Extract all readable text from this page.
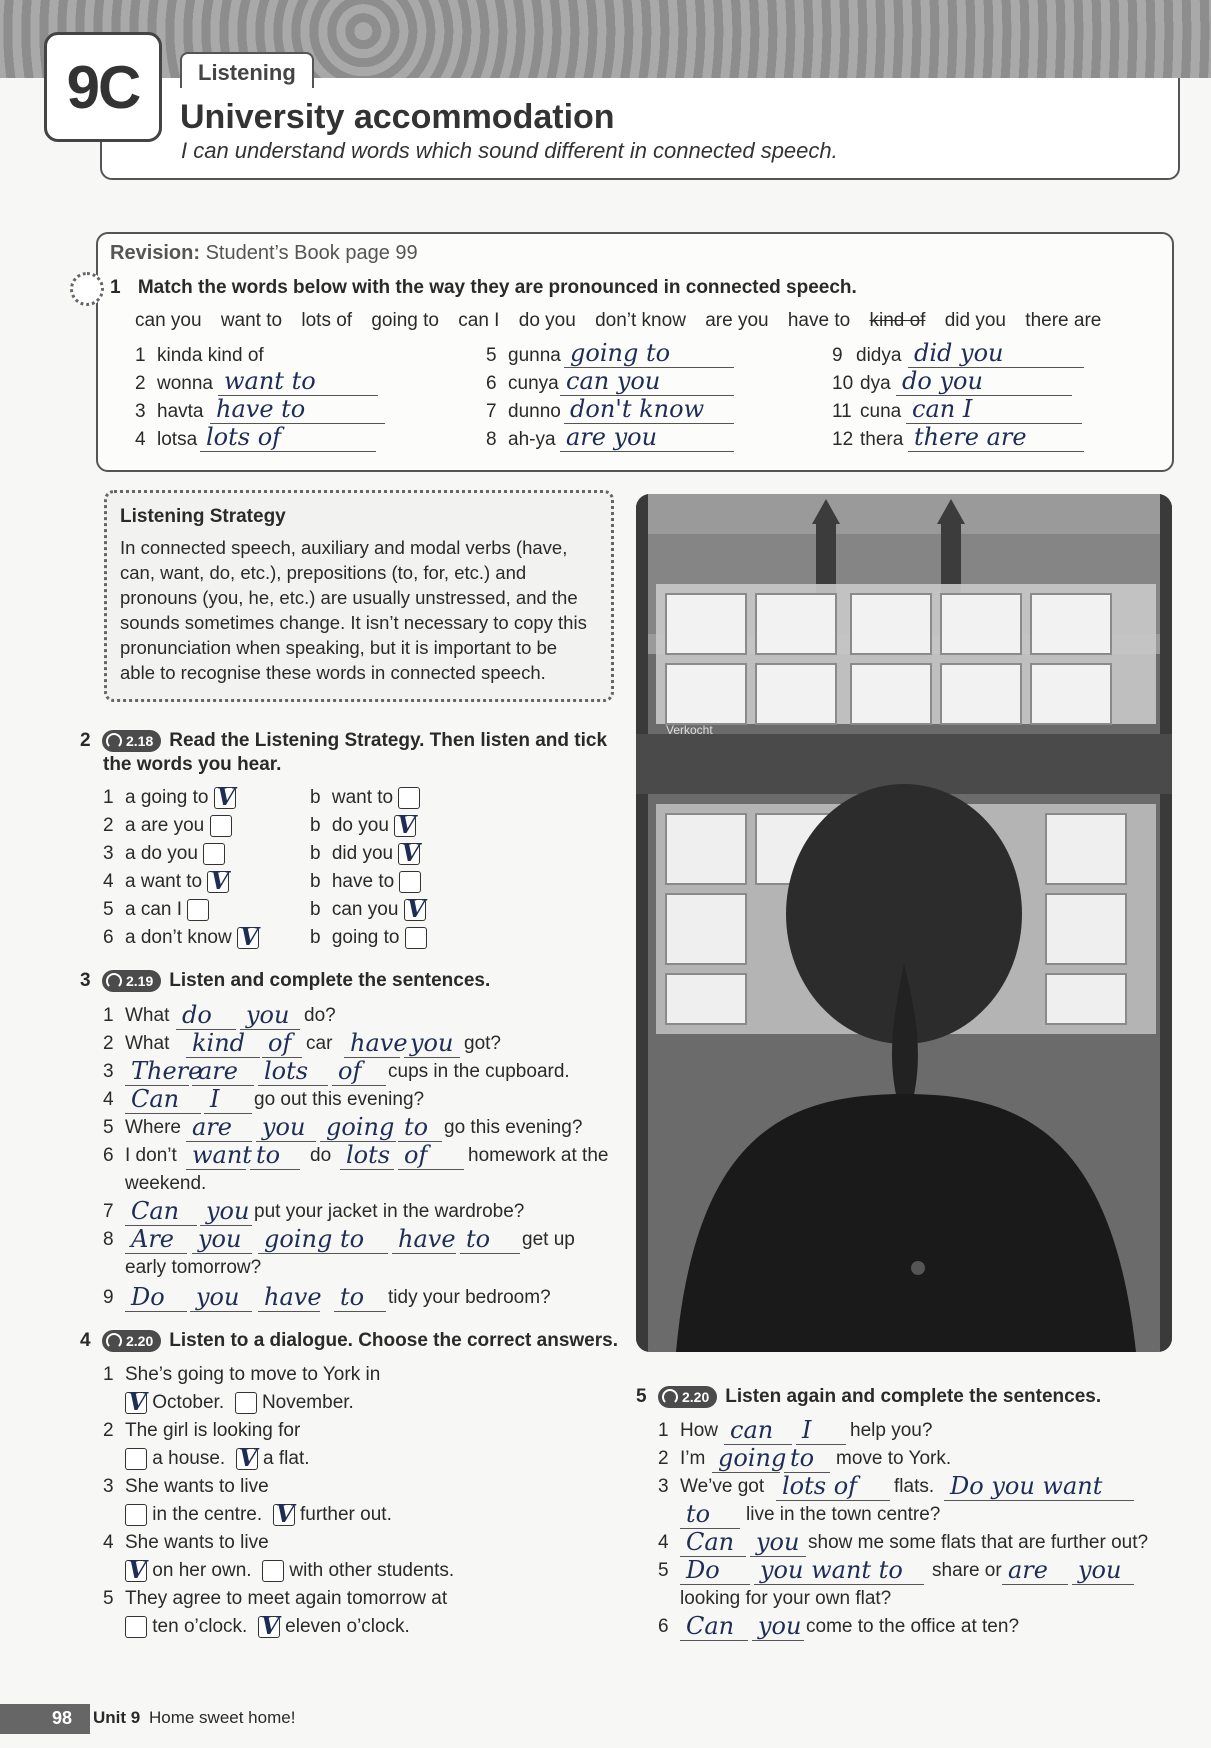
9C	Listening
University accommodation
I can understand words which sound different in connected speech.
Revision: Student’s Book page 99
1 Match the words below with the way they are pronounced in connected speech.
can you want to lots of going to can I do you don’t know are you have to kind of did you there are
1 kinda kind of
2 wonna want to
3 havta have to
4 lotsa lots of
5 gunna going to
6 cunya can you
7 dunno don't know
8 ah-ya are you
9 didya did you
10 dya do you
11 cuna can I
12 thera there are
Listening Strategy
In connected speech, auxiliary and modal verbs (have,
can, want, do, etc.), prepositions (to, for, etc.) and
pronouns (you, he, etc.) are usually unstressed, and the
sounds sometimes change. It isn’t necessary to copy this
pronunciation when speaking, but it is important to be
able to recognise these words in connected speech.
Verkocht
2	2.18 Read the Listening Strategy. Then listen and tick
the words you hear.
1 a going to V	b want to
2 a are you	b do you V
3 a do you	b did you V
4 a want to V	b have to
5 a can I	b can you V
6 a don’t know V	b going to
3	2.19 Listen and complete the sentences.
1 What do you do?
2 What kind of car have you got?
3 There
are lots of cups in the cupboard.
4 Can I go out this evening?
5 Where are you going to go this evening?
6 I don’t want to do lots of homework at the
weekend.
7 Can you put your jacket in the wardrobe?
8 Are you going to have to get up
early tomorrow?
9 Do you have to tidy your bedroom?
4	2.20 Listen to a dialogue. Choose the correct answers.
1 She’s going to move to York in
V October. November.
2 The girl is looking for
a house. V a flat.
3 She wants to live
in the centre. V further out.
4 She wants to live
V on her own. with other students.
5 They agree to meet again tomorrow at
ten o’clock. V eleven o’clock.
5	2.20 Listen again and complete the sentences.
1 How can I help you?
2 I’m going to move to York.
3 We’ve got lots of flats. Do you want
to live in the town centre?
4 Can you show me some flats that are further out?
5 Do you want to share or are you
looking for your own flat?
6 Can you come to the office at ten?
98 Unit 9 Home sweet home!
